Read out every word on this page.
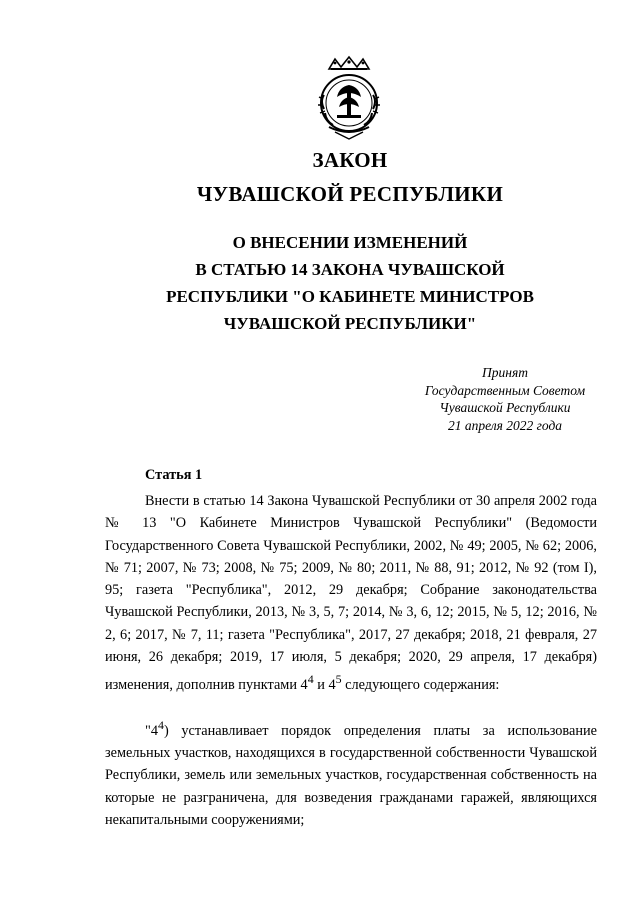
ЗАКОН
ЧУВАШСКОЙ РЕСПУБЛИКИ
О ВНЕСЕНИИ ИЗМЕНЕНИЙ
В СТАТЬЮ 14 ЗАКОНА ЧУВАШСКОЙ
РЕСПУБЛИКИ "О КАБИНЕТЕ МИНИСТРОВ
ЧУВАШСКОЙ РЕСПУБЛИКИ"
Принят
Государственным Советом
Чувашской Республики
21 апреля 2022 года
Статья 1

Внести в статью 14 Закона Чувашской Республики от 30 апреля 2002 года № 13 "О Кабинете Министров Чувашской Республики" (Ведомости Государственного Совета Чувашской Республики, 2002, № 49; 2005, № 62; 2006, № 71; 2007, № 73; 2008, № 75; 2009, № 80; 2011, № 88, 91; 2012, № 92 (том I), 95; газета "Республика", 2012, 29 декабря; Собрание законодательства Чувашской Республики, 2013, № 3, 5, 7; 2014, № 3, 6, 12; 2015, № 5, 12; 2016, № 2, 6; 2017, № 7, 11; газета "Республика", 2017, 27 декабря; 2018, 21 февраля, 27 июня, 26 декабря; 2019, 17 июля, 5 декабря; 2020, 29 апреля, 17 декабря) изменения, дополнив пунктами $4^4$ и $4^5$ следующего содержания:

"$4^4$) устанавливает порядок определения платы за использование земельных участков, находящихся в государственной собственности Чувашской Республики, земель или земельных участков, государственная собственность на которые не разграничена, для возведения гражданами гаражей, являющихся некапитальными сооружениями;
